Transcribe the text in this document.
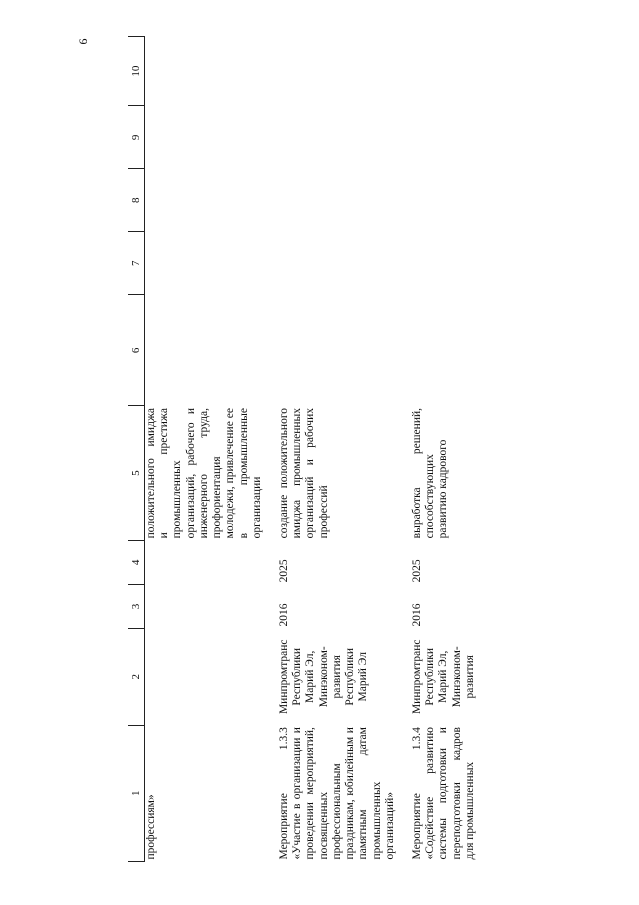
9
1	2	3	4	5	6	7	8	9	10
профессиям»				положительного имиджа и престижа промышленных организаций, рабочего и инженерного труда, профориентация молодежи, привлечение ее в промышленные организации					

Мероприятие 1.3.3 «Участие в организации и проведении мероприятий, посвященных профессиональным праздникам, юбилейным и памятным датам промышленных организаций»	Минпромтранс Республики Марий Эл, Минэконом-развития Республики Марий Эл	2016	2025	создание положительного имиджа промышленных организаций и рабочих профессий					

Мероприятие 1.3.4 «Содействие развитию системы подготовки и переподготовки кадров для промышленных	Минпромтранс Республики Марий Эл, Минэконом-развития	2016	2025	выработка решений, способствующих развитию кадрового					
